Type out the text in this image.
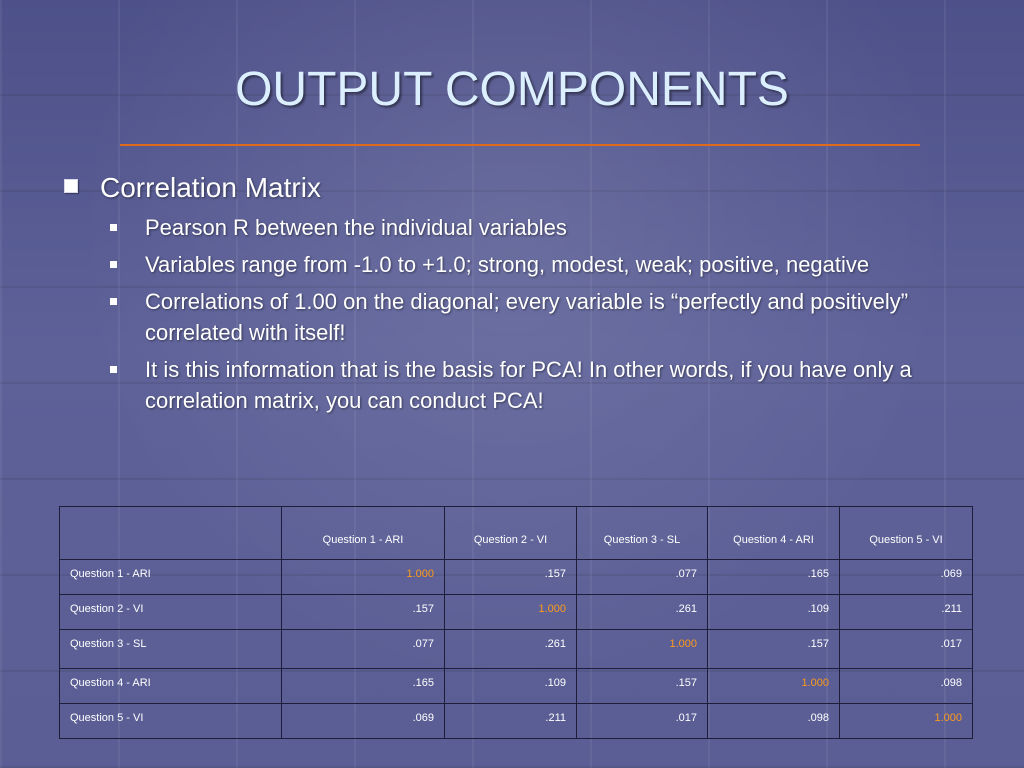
OUTPUT COMPONENTS
Correlation Matrix
Pearson R between the individual variables
Variables range from -1.0 to +1.0; strong, modest, weak; positive, negative
Correlations of 1.00 on the diagonal; every variable is “perfectly and positively” correlated with itself!
It is this information that is the basis for PCA! In other words, if you have only a correlation matrix, you can conduct PCA!
	Question 1 - ARI	Question 2 - VI	Question 3 - SL	Question 4 - ARI	Question 5 - VI
Question 1 - ARI	1.000	.157	.077	.165	.069
Question 2 - VI	.157	1.000	.261	.109	.211
Question 3 - SL	.077	.261	1.000	.157	.017
Question 4 - ARI	.165	.109	.157	1.000	.098
Question 5 - VI	.069	.211	.017	.098	1.000
